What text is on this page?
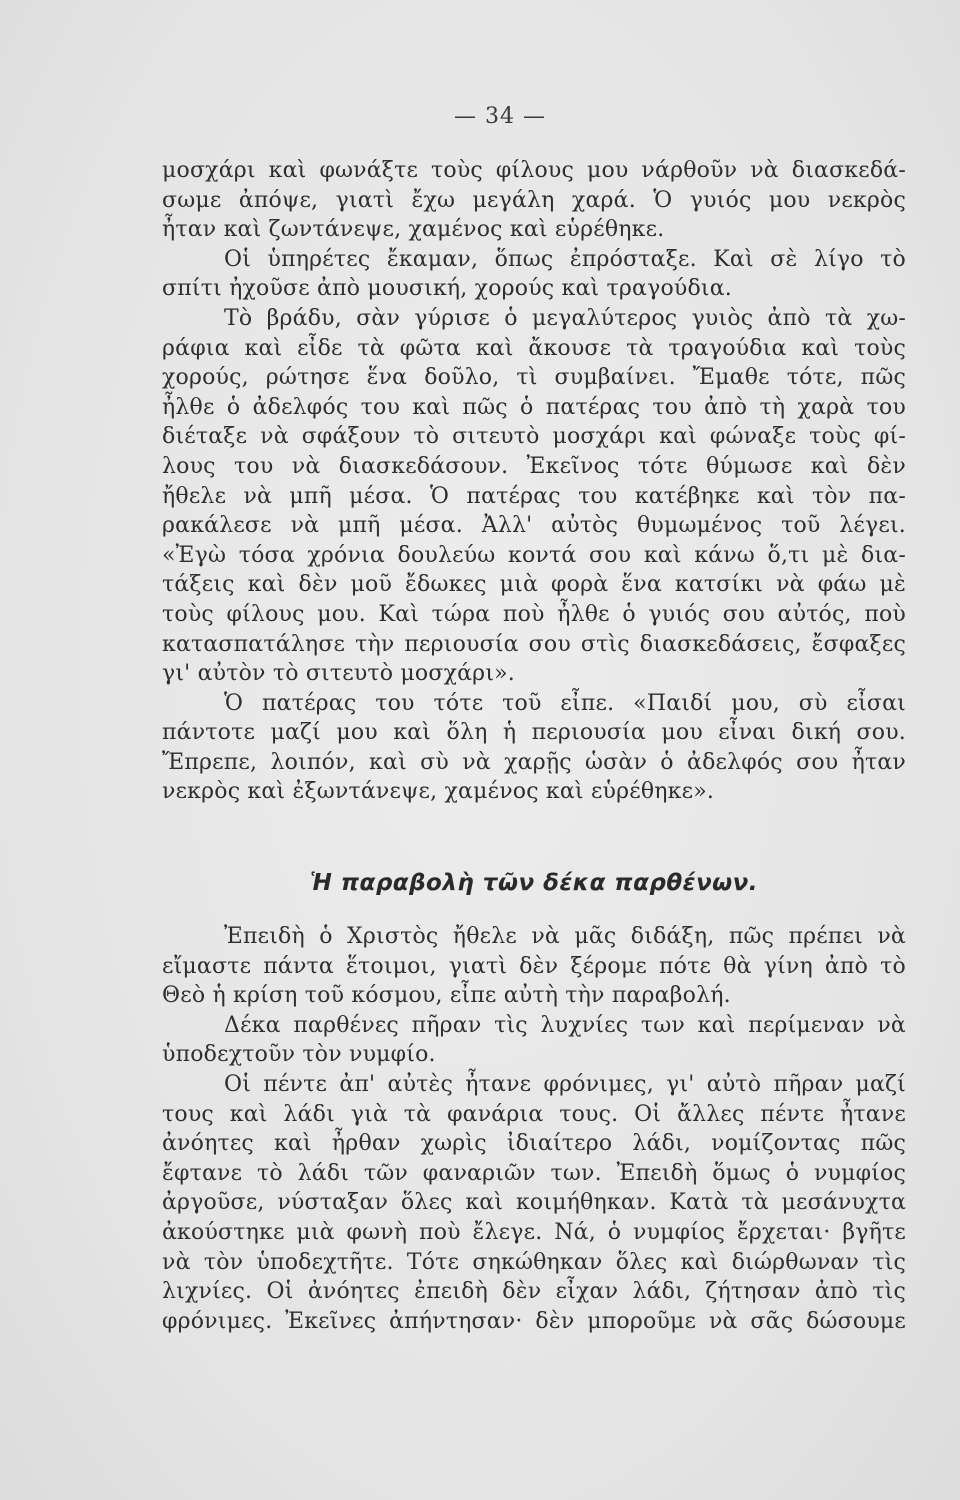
— 34 —
μοσχάρι καὶ φωνάξτε τοὺς φίλους μου νάρθοῦν νὰ διασκεδά-
σωμε ἀπόψε, γιατὶ ἔχω μεγάλη χαρά. Ὁ γυιός μου νεκρὸς
ἦταν καὶ ζωντάνεψε, χαμένος καὶ εὑρέθηκε.
Οἱ ὑπηρέτες ἔκαμαν, ὅπως ἐπρόσταξε. Καὶ σὲ λίγο τὸ
σπίτι ἠχοῦσε ἀπὸ μουσική, χορούς καὶ τραγούδια.
Τὸ βράδυ, σὰν γύρισε ὁ μεγαλύτερος γυιὸς ἀπὸ τὰ χω-
ράφια καὶ εἶδε τὰ φῶτα καὶ ἄκουσε τὰ τραγούδια καὶ τοὺς
χορούς, ρώτησε ἕνα δοῦλο, τὶ συμβαίνει. Ἔμαθε τότε, πῶς
ἦλθε ὁ ἀδελφός του καὶ πῶς ὁ πατέρας του ἀπὸ τὴ χαρὰ του
διέταξε νὰ σφάξουν τὸ σιτευτὸ μοσχάρι καὶ φώναξε τοὺς φί-
λους του νὰ διασκεδάσουν. Ἐκεῖνος τότε θύμωσε καὶ δὲν
ἤθελε νὰ μπῆ μέσα. Ὁ πατέρας του κατέβηκε καὶ τὸν πα-
ρακάλεσε νὰ μπῆ μέσα. Ἀλλ' αὐτὸς θυμωμένος τοῦ λέγει.
«Ἐγὼ τόσα χρόνια δουλεύω κοντά σου καὶ κάνω ὅ,τι μὲ δια-
τάξεις καὶ δὲν μοῦ ἔδωκες μιὰ φορὰ ἕνα κατσίκι νὰ φάω μὲ
τοὺς φίλους μου. Καὶ τώρα ποὺ ἦλθε ὁ γυιός σου αὐτός, ποὺ
κατασπατάλησε τὴν περιουσία σου στὶς διασκεδάσεις, ἔσφαξες
γι' αὐτὸν τὸ σιτευτὸ μοσχάρι».
Ὁ πατέρας του τότε τοῦ εἶπε. «Παιδί μου, σὺ εἶσαι
πάντοτε μαζί μου καὶ ὅλη ἡ περιουσία μου εἶναι δική σου.
Ἔπρεπε, λοιπόν, καὶ σὺ νὰ χαρῇς ὡσὰν ὁ ἀδελφός σου ἦταν
νεκρὸς καὶ ἐξωντάνεψε, χαμένος καὶ εὑρέθηκε».
Ἡ παραβολὴ τῶν δέκα παρθένων.
Ἐπειδὴ ὁ Χριστὸς ἤθελε νὰ μᾶς διδάξη, πῶς πρέπει νὰ
εἴμαστε πάντα ἕτοιμοι, γιατὶ δὲν ξέρομε πότε θὰ γίνη ἀπὸ τὸ
Θεὸ ἡ κρίση τοῦ κόσμου, εἶπε αὐτὴ τὴν παραβολή.
Δέκα παρθένες πῆραν τὶς λυχνίες των καὶ περίμεναν νὰ
ὑποδεχτοῦν τὸν νυμφίο.
Οἱ πέντε ἀπ' αὐτὲς ἦτανε φρόνιμες, γι' αὐτὸ πῆραν μαζί
τους καὶ λάδι γιὰ τὰ φανάρια τους. Οἱ ἄλλες πέντε ἦτανε
ἀνόητες καὶ ἦρθαν χωρὶς ἰδιαίτερο λάδι, νομίζοντας πῶς
ἔφτανε τὸ λάδι τῶν φαναριῶν των. Ἐπειδὴ ὅμως ὁ νυμφίος
ἀργοῦσε, νύσταξαν ὅλες καὶ κοιμήθηκαν. Κατὰ τὰ μεσάνυχτα
ἀκούστηκε μιὰ φωνὴ ποὺ ἔλεγε. Νά, ὁ νυμφίος ἔρχεται· βγῆτε
νὰ τὸν ὑποδεχτῆτε. Τότε σηκώθηκαν ὅλες καὶ διώρθωναν τὶς
λιχνίες. Οἱ ἀνόητες ἐπειδὴ δὲν εἶχαν λάδι, ζήτησαν ἀπὸ τὶς
φρόνιμες. Ἐκεῖνες ἀπήντησαν· δὲν μποροῦμε νὰ σᾶς δώσουμε
